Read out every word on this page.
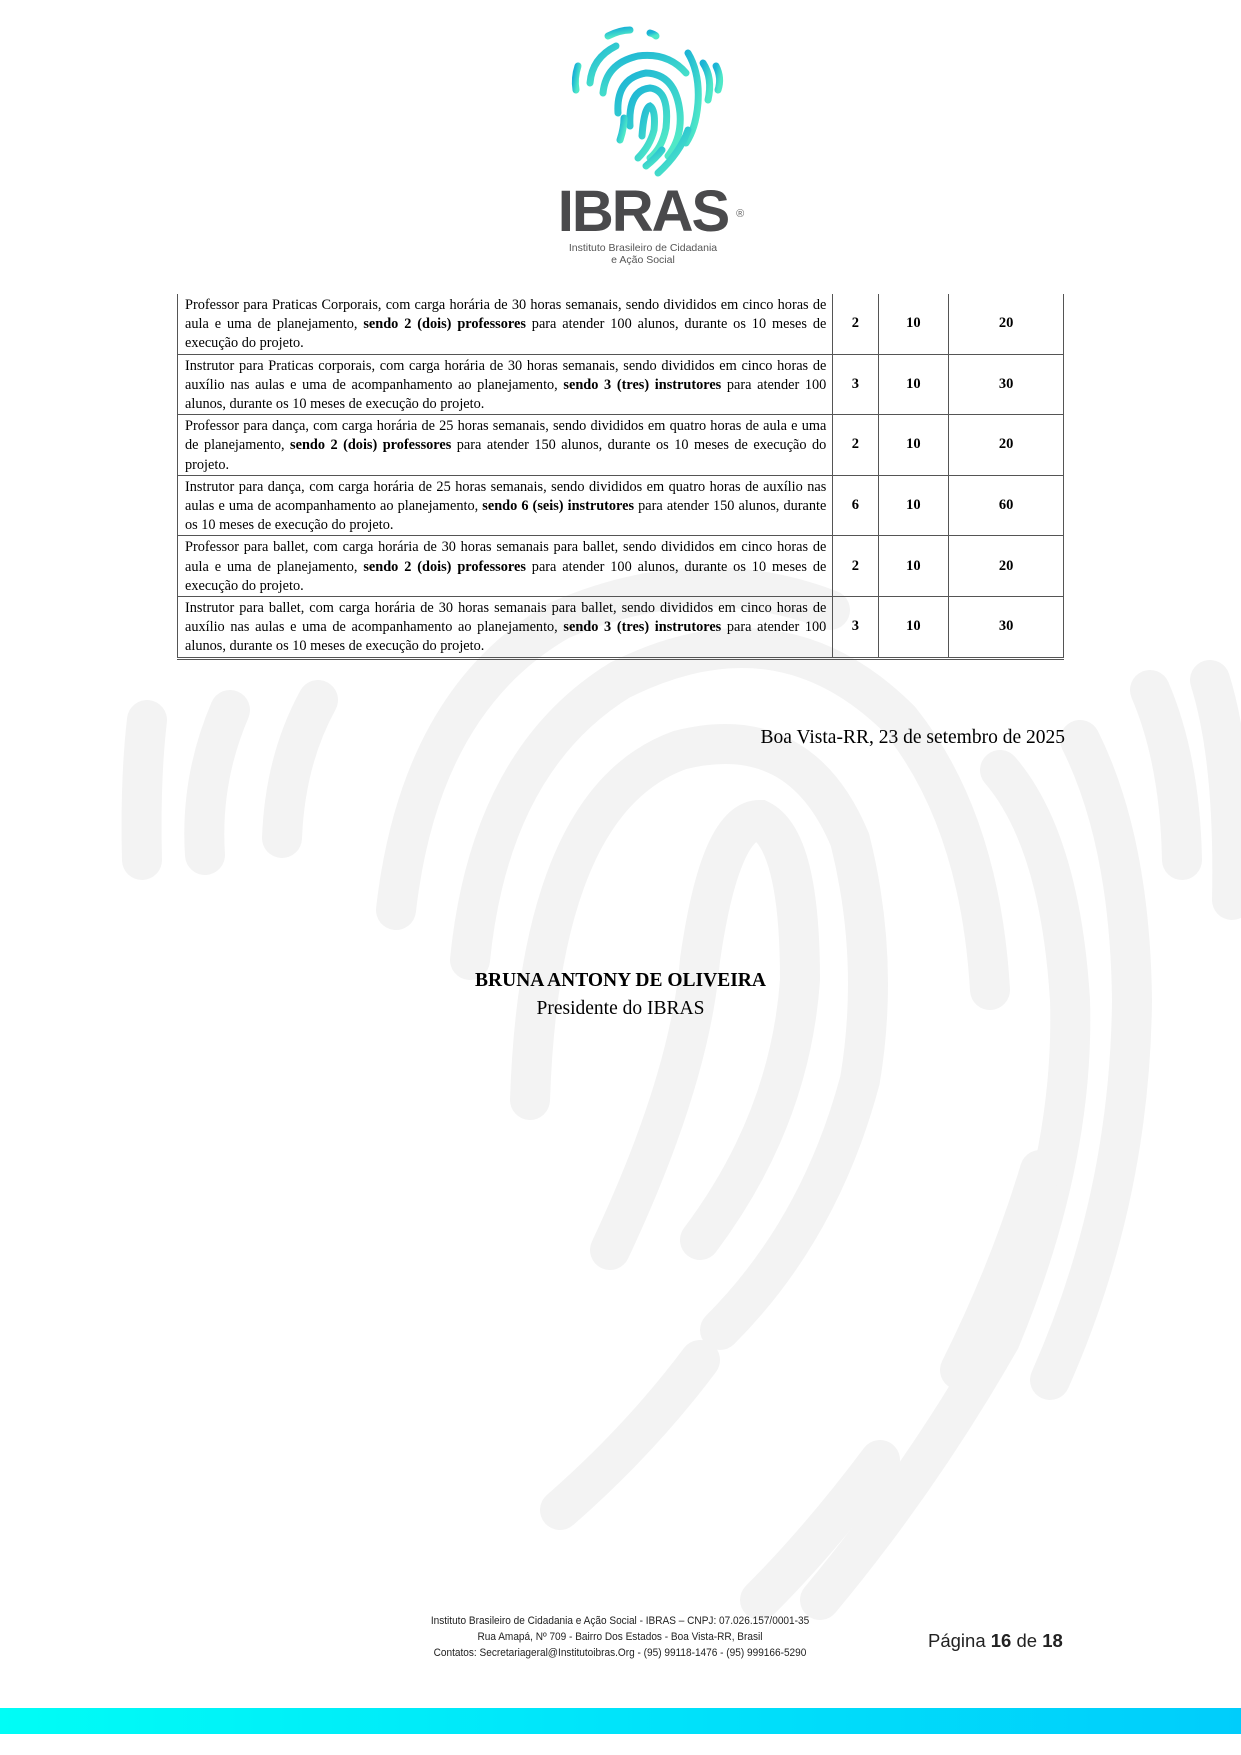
IBRAS ®
Instituto Brasileiro de Cidadania
e Ação Social
Professor para Praticas Corporais, com carga horária de 30 horas semanais, sendo divididos em cinco horas de aula e uma de planejamento, sendo 2 (dois) professores para atender 100 alunos, durante os 10 meses de execução do projeto.	2	10	20
Instrutor para Praticas corporais, com carga horária de 30 horas semanais, sendo divididos em cinco horas de auxílio nas aulas e uma de acompanhamento ao planejamento, sendo 3 (tres) instrutores para atender 100 alunos, durante os 10 meses de execução do projeto.	3	10	30
Professor para dança, com carga horária de 25 horas semanais, sendo divididos em quatro horas de aula e uma de planejamento, sendo 2 (dois) professores para atender 150 alunos, durante os 10 meses de execução do projeto.	2	10	20
Instrutor para dança, com carga horária de 25 horas semanais, sendo divididos em quatro horas de auxílio nas aulas e uma de acompanhamento ao planejamento, sendo 6 (seis) instrutores para atender 150 alunos, durante os 10 meses de execução do projeto.	6	10	60
Professor para ballet, com carga horária de 30 horas semanais para ballet, sendo divididos em cinco horas de aula e uma de planejamento, sendo 2 (dois) professores para atender 100 alunos, durante os 10 meses de execução do projeto.	2	10	20
Instrutor para ballet, com carga horária de 30 horas semanais para ballet, sendo divididos em cinco horas de auxílio nas aulas e uma de acompanhamento ao planejamento, sendo 3 (tres) instrutores para atender 100 alunos, durante os 10 meses de execução do projeto.	3	10	30
Boa Vista-RR, 23 de setembro de 2025
BRUNA ANTONY DE OLIVEIRA
Presidente do IBRAS
Instituto Brasileiro de Cidadania e Ação Social - IBRAS – CNPJ: 07.026.157/0001-35
Rua Amapá, Nº 709 - Bairro Dos Estados - Boa Vista-RR, Brasil
Contatos: Secretariageral@Institutoibras.Org - (95) 99118-1476 - (95) 999166-5290
Página 16 de 18
